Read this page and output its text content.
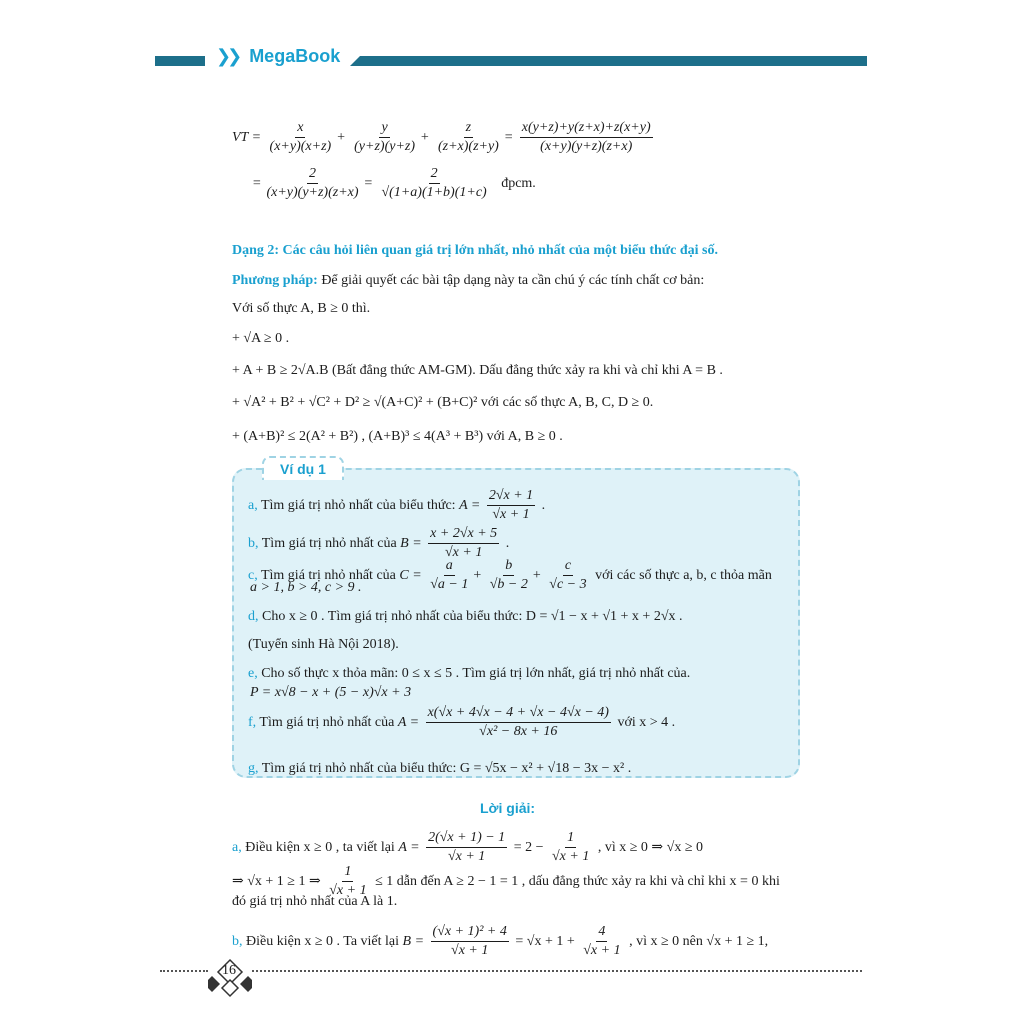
❯❯ MegaBook
VT = $\frac{x}{(x+y)(x+z)} + \frac{y}{(y+z)(y+z)} + \frac{z}{(z+x)(z+y)} = \frac{x(y+z)+y(z+x)+z(x+y)}{(x+y)(y+z)(z+x)}$
= $\frac{2}{(x+y)(y+z)(z+x)} = \frac{2}{√(1+a)(1+b)(1+c)}$ đpcm.
Dạng 2: Các câu hỏi liên quan giá trị lớn nhất, nhỏ nhất của một biểu thức đại số.
Phương pháp: Để giải quyết các bài tập dạng này ta cần chú ý các tính chất cơ bản:
Với số thực A, B ≥ 0 thì.
+ √A ≥ 0 .
+ A + B ≥ 2√A.B (Bất đẳng thức AM-GM). Dấu đẳng thức xảy ra khi và chỉ khi A = B .
+ √A² + B² + √C² + D² ≥ √(A+C)² + (B+C)² với các số thực A, B, C, D ≥ 0.
+ (A+B)² ≤ 2(A² + B²) , (A+B)³ ≤ 4(A³ + B³) với A, B ≥ 0 .
Ví dụ 1
a, Tìm giá trị nhỏ nhất của biểu thức: $A = \frac{2√x + 1}{√x + 1}$ .
b, Tìm giá trị nhỏ nhất của $B = \frac{x + 2√x + 5}{√x + 1}$ .
c, Tìm giá trị nhỏ nhất của $C = \frac{a}{√a - 1} + \frac{b}{√b - 2} + \frac{c}{√c - 3}$ với các số thực a, b, c thỏa mãn
a > 1, b > 4, c > 9 .
d, Cho x ≥ 0 . Tìm giá trị nhỏ nhất của biểu thức: D = √1 − x + √1 + x + 2√x .
(Tuyển sinh Hà Nội 2018).
e, Cho số thực x thỏa mãn: 0 ≤ x ≤ 5 . Tìm giá trị lớn nhất, giá trị nhỏ nhất của.
P = x√8 − x + (5 − x)√x + 3
f, Tìm giá trị nhỏ nhất của $A = \frac{x(√x + 4√x - 4 + √x - 4√x - 4)}{\text{√x² − 8x + 16}}$ với x > 4 .
g, Tìm giá trị nhỏ nhất của biểu thức: G = √5x − x² + √18 − 3x − x² .
Lời giải:
a, Điều kiện x ≥ 0 , ta viết lại $A = \frac{2(√x + 1) - 1}{√x + 1} = 2 - \frac{1}{√x + 1}$ , vì x ≥ 0 ⇒ √x ≥ 0
⇒ √x + 1 ≥ 1 ⇒ $\frac{1}{√x + 1} \le 1$ dẫn đến A ≥ 2 − 1 = 1 , dấu đẳng thức xảy ra khi và chỉ khi x = 0 khi
đó giá trị nhỏ nhất của A là 1.
b, Điều kiện x ≥ 0 . Ta viết lại $B = \frac{\text{(√x + 1)² + 4}}{√x + 1} = √x + 1 + \frac{4}{√x + 1}$ , vì x ≥ 0 nên √x + 1 ≥ 1,
16
